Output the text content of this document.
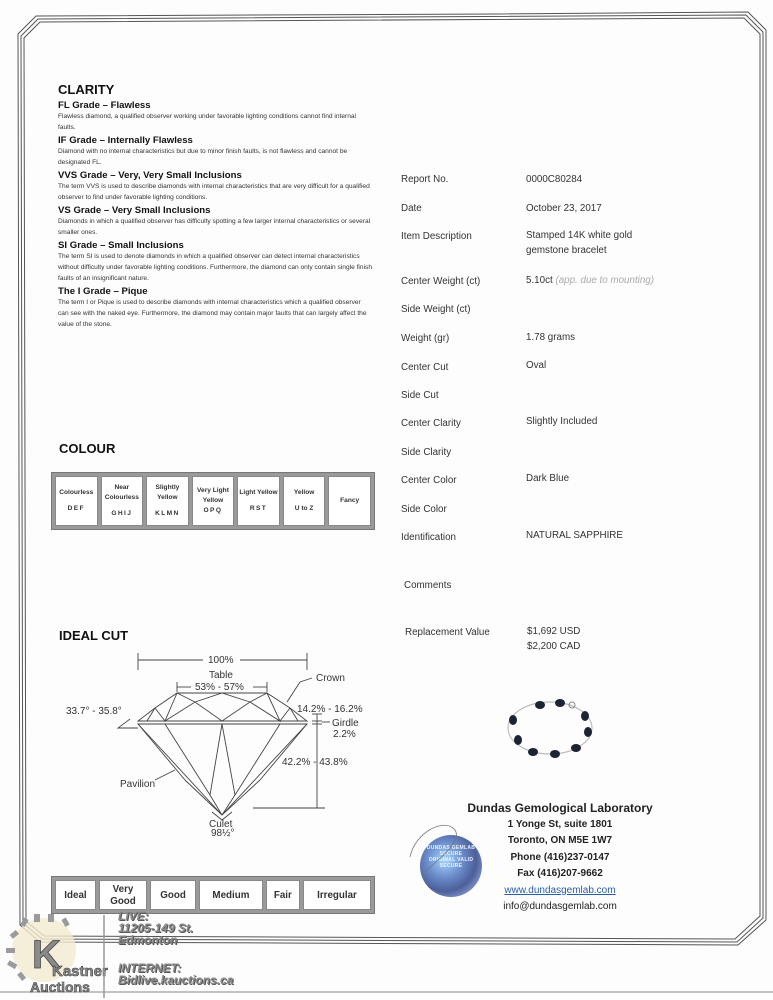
CLARITY
FL Grade – Flawless
Flawless diamond, a qualified observer working under favorable lighting conditions cannot find internal faults.
IF Grade – Internally Flawless
Diamond with no internal characteristics but due to minor finish faults, is not flawless and cannot be designated FL.
VVS Grade – Very, Very Small Inclusions
The term VVS is used to describe diamonds with internal characteristics that are very difficult for a qualified observer to find under favorable lighting conditions.
VS Grade – Very Small Inclusions
Diamonds in which a qualified observer has difficulty spotting a few larger internal characteristics or several smaller ones.
SI Grade – Small Inclusions
The term SI is used to denote diamonds in which a qualified observer can detect internal characteristics without difficulty under favorable lighting conditions. Furthermore, the diamond can only contain single finish faults of an insignificant nature.
The I Grade – Pique
The term I or Pique is used to describe diamonds with internal characteristics which a qualified observer can see with the naked eye. Furthermore, the diamond may contain major faults that can largely affect the value of the stone.
COLOUR
Colourless
DEF
	Near Colourless
GHIJ
	Slightly Yellow
KLMN
	Very Light Yellow
OPQ
	Light Yellow
RST
	Yellow
U to Z
	Fancy
IDEAL CUT
100%
Table
53% - 57%
Crown
33.7° - 35.8°	14.2% - 16.2%
Girdle
2.2%
42.2% - 43.8%
Pavilion
Culet
98½°
Ideal	Very Good	Good	Medium	Fair	Irregular
Report No.	0000C80284
Date	October 23, 2017
Item Description	Stamped 14K white gold gemstone bracelet
Center Weight (ct)	5.10ct (app. due to mounting)
Side Weight (ct)
Weight (gr)	1.78 grams
Center Cut	Oval
Side Cut
Center Clarity	Slightly Included
Side Clarity
Center Color	Dark Blue
Side Color
Identification	NATURAL SAPPHIRE
Comments
Replacement Value	$1,692 USD
$2,200 CAD
DUNDAS GEMLAB SECURE ORIGINAL VALID SECURE
Dundas Gemological Laboratory
1 Yonge St, suite 1801
Toronto, ON M5E 1W7
Phone (416)237-0147
Fax (416)207-9662
www.dundasgemlab.com
info@dundasgemlab.com
K
Kastner
Auctions
LIVE:
11205-149 St.
Edmonton
INTERNET:
Bidlive.kauctions.ca
